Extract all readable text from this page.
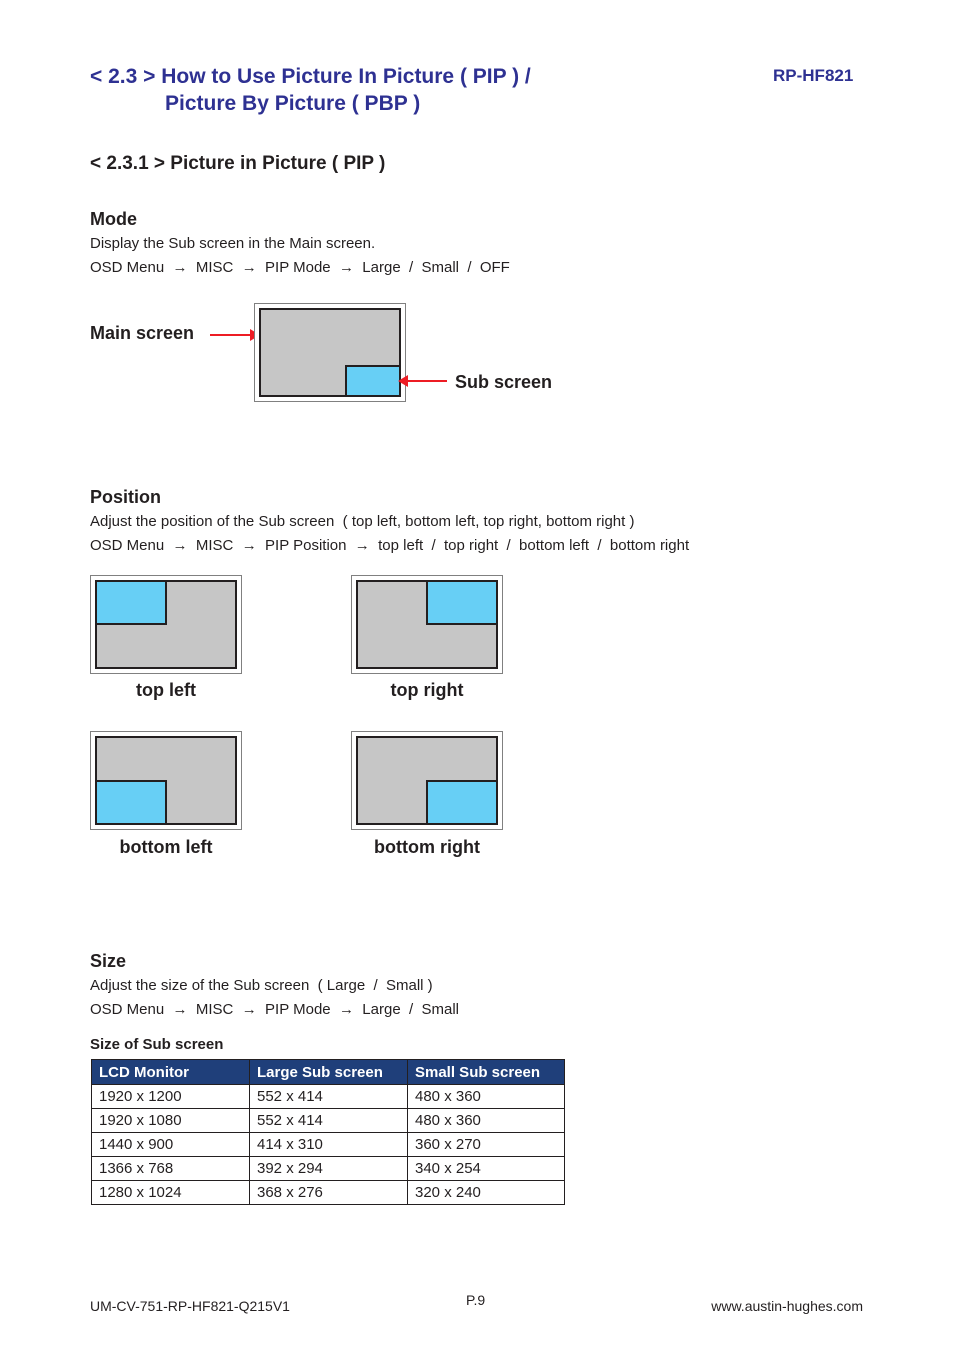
< 2.3 > How to Use Picture In Picture ( PIP ) /
Picture By Picture ( PBP )
RP-HF821
< 2.3.1 > Picture in Picture ( PIP )
Mode
Display the Sub screen in the Main screen.
OSD Menu  →  MISC  →  PIP Mode  →  Large  /  Small  /  OFF
Main screen
Sub screen
Position
Adjust the position of the Sub screen  ( top left, bottom left, top right, bottom right )
OSD Menu  →  MISC  →  PIP Position  →  top left  /  top right  /  bottom left  /  bottom right
top left	top right
bottom left	bottom right
Size
Adjust the size of the Sub screen  ( Large  /  Small )
OSD Menu  →  MISC  →  PIP Mode  →  Large  /  Small
Size of Sub screen
LCD Monitor	Large Sub screen	Small Sub screen
1920 x 1200	552 x 414	480 x 360
1920 x 1080	552 x 414	480 x 360
1440 x 900	414 x 310	360 x 270
1366 x 768	392 x 294	340 x 254
1280 x 1024	368 x 276	320 x 240
UM-CV-751-RP-HF821-Q215V1	P.9	www.austin-hughes.com
